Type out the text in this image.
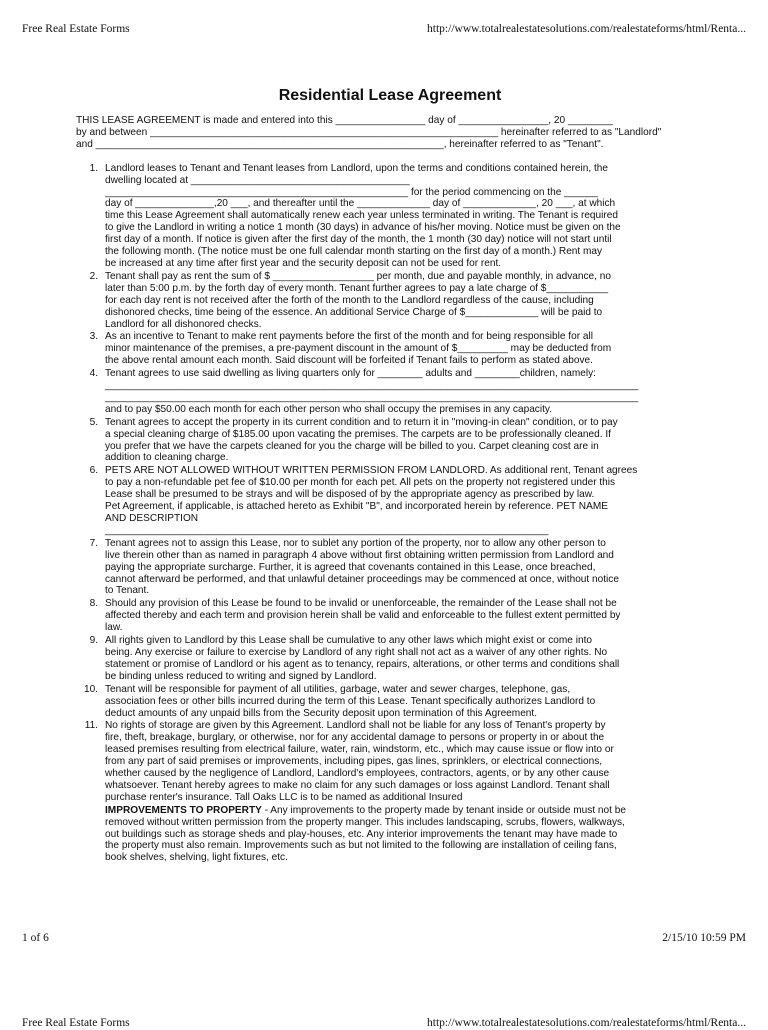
Free Real Estate Forms	http://www.totalrealestatesolutions.com/realestateforms/html/Renta...
Residential Lease Agreement

THIS LEASE AGREEMENT is made and entered into this ________________ day of ________________, 20 ________

by and between ______________________________________________________________ hereinafter referred to as "Landlord"

and ______________________________________________________________, hereinafter referred to as "Tenant".

1. Landlord leases to Tenant and Tenant leases from Landlord, upon the terms and conditions contained herein, the
dwelling located at _______________________________________
______________________________________________________ for the period commencing on the ______
day of ______________,20 ___, and thereafter until the _____________ day of _____________, 20 ___, at which
time this Lease Agreement shall automatically renew each year unless terminated in writing. The Tenant is required
to give the Landlord in writing a notice 1 month (30 days) in advance of his/her moving. Notice must be given on the
first day of a month. If notice is given after the first day of the month, the 1 month (30 day) notice will not start until
the following month. (The notice must be one full calendar month starting on the first day of a month.) Rent may
be increased at any time after first year and the security deposit can not be used for rent.
2. Tenant shall pay as rent the sum of $ __________________ per month, due and payable monthly, in advance, no
later than 5:00 p.m. by the forth day of every month. Tenant further agrees to pay a late charge of $___________
for each day rent is not received after the forth of the month to the Landlord regardless of the cause, including
dishonored checks, time being of the essence. An additional Service Charge of $_____________ will be paid to
Landlord for all dishonored checks.
3. As an incentive to Tenant to make rent payments before the first of the month and for being responsible for all
minor maintenance of the premises, a pre-payment discount in the amount of $_________ may be deducted from
the above rental amount each month. Said discount will be forfeited if Tenant fails to perform as stated above.
4. Tenant agrees to use said dwelling as living quarters only for ________ adults and ________children, namely:
_______________________________________________________________________________________________
_______________________________________________________________________________________________
and to pay $50.00 each month for each other person who shall occupy the premises in any capacity.
5. Tenant agrees to accept the property in its current condition and to return it in "moving-in clean" condition, or to pay
a special cleaning charge of $185.00 upon vacating the premises. The carpets are to be professionally cleaned. If
you prefer that we have the carpets cleaned for you the charge will be billed to you. Carpet cleaning cost are in
addition to cleaning charge.
6. PETS ARE NOT ALLOWED WITHOUT WRITTEN PERMISSION FROM LANDLORD. As additional rent, Tenant agrees
to pay a non-refundable pet fee of $10.00 per month for each pet. All pets on the property not registered under this
Lease shall be presumed to be strays and will be disposed of by the appropriate agency as prescribed by law.
Pet Agreement, if applicable, is attached hereto as Exhibit "B", and incorporated herein by reference. PET NAME
AND DESCRIPTION
_______________________________________________________________________________
7. Tenant agrees not to assign this Lease, nor to sublet any portion of the property, nor to allow any other person to
live therein other than as named in paragraph 4 above without first obtaining written permission from Landlord and
paying the appropriate surcharge. Further, it is agreed that covenants contained in this Lease, once breached,
cannot afterward be performed, and that unlawful detainer proceedings may be commenced at once, without notice
to Tenant.
8. Should any provision of this Lease be found to be invalid or unenforceable, the remainder of the Lease shall not be
affected thereby and each term and provision herein shall be valid and enforceable to the fullest extent permitted by
law.
9. All rights given to Landlord by this Lease shall be cumulative to any other laws which might exist or come into
being. Any exercise or failure to exercise by Landlord of any right shall not act as a waiver of any other rights. No
statement or promise of Landlord or his agent as to tenancy, repairs, alterations, or other terms and conditions shall
be binding unless reduced to writing and signed by Landlord.
10. Tenant will be responsible for payment of all utilities, garbage, water and sewer charges, telephone, gas,
association fees or other bills incurred during the term of this Lease. Tenant specifically authorizes Landlord to
deduct amounts of any unpaid bills from the Security deposit upon termination of this Agreement.
11. No rights of storage are given by this Agreement. Landlord shall not be liable for any loss of Tenant's property by
fire, theft, breakage, burglary, or otherwise, nor for any accidental damage to persons or property in or about the
leased premises resulting from electrical failure, water, rain, windstorm, etc., which may cause issue or flow into or
from any part of said premises or improvements, including pipes, gas lines, sprinklers, or electrical connections,
whether caused by the negligence of Landlord, Landlord's employees, contractors, agents, or by any other cause
whatsoever. Tenant hereby agrees to make no claim for any such damages or loss against Landlord. Tenant shall
purchase renter's insurance. Tall Oaks LLC is to be named as additional Insured
IMPROVEMENTS TO PROPERTY - Any improvements to the property made by tenant inside or outside must not be
removed without written permission from the property manger. This includes landscaping, scrubs, flowers, walkways,
out buildings such as storage sheds and play-houses, etc. Any interior improvements the tenant may have made to
the property must also remain. Improvements such as but not limited to the following are installation of ceiling fans,
book shelves, shelving, light fixtures, etc.
1 of 6	2/15/10 10:59 PM
Free Real Estate Forms	http://www.totalrealestatesolutions.com/realestateforms/html/Renta...
